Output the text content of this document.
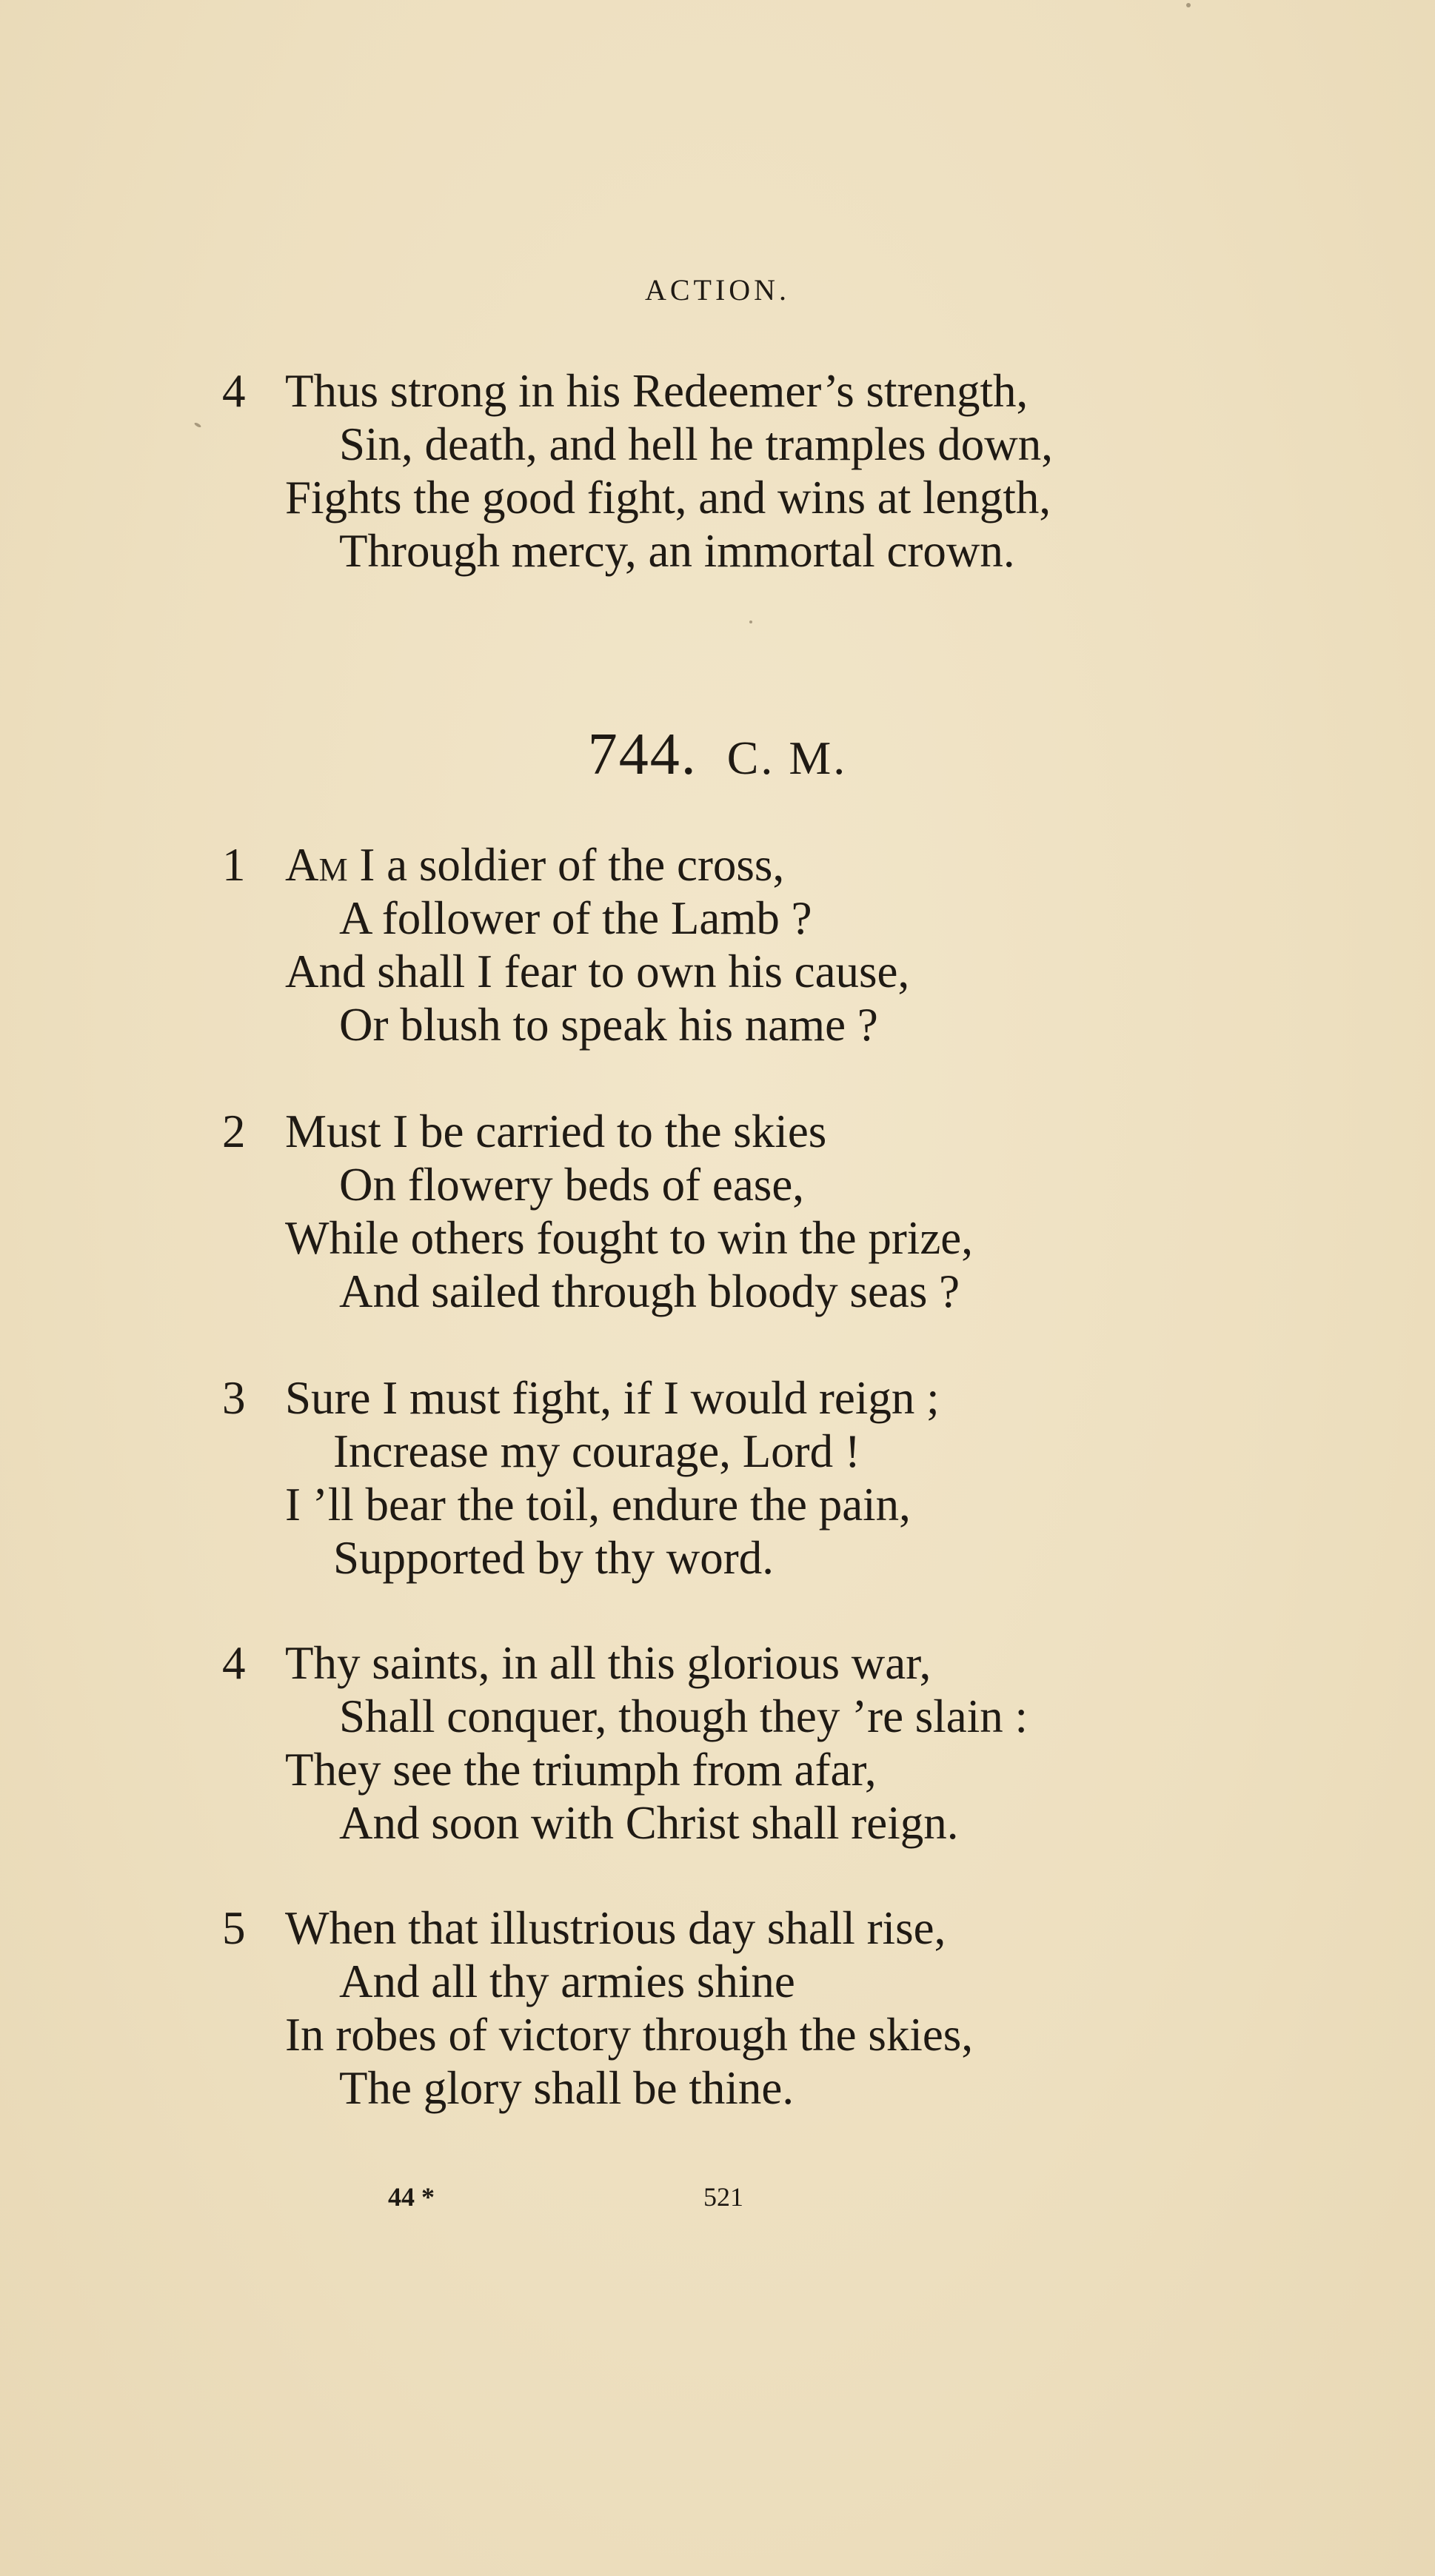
ACTION.
4 Thus strong in his Redeemer’s strength,
Sin, death, and hell he tramples down,
Fights the good fight, and wins at length,
Through mercy, an immortal crown.
744. C. M.
1 Am I a soldier of the cross,
A follower of the Lamb ?
And shall I fear to own his cause,
Or blush to speak his name ?
2 Must I be carried to the skies
On flowery beds of ease,
While others fought to win the prize,
And sailed through bloody seas ?
3 Sure I must fight, if I would reign ;
Increase my courage, Lord !
I ’ll bear the toil, endure the pain,
Supported by thy word.
4 Thy saints, in all this glorious war,
Shall conquer, though they ’re slain :
They see the triumph from afar,
And soon with Christ shall reign.
5 When that illustrious day shall rise,
And all thy armies shine
In robes of victory through the skies,
The glory shall be thine.
44 *	521
